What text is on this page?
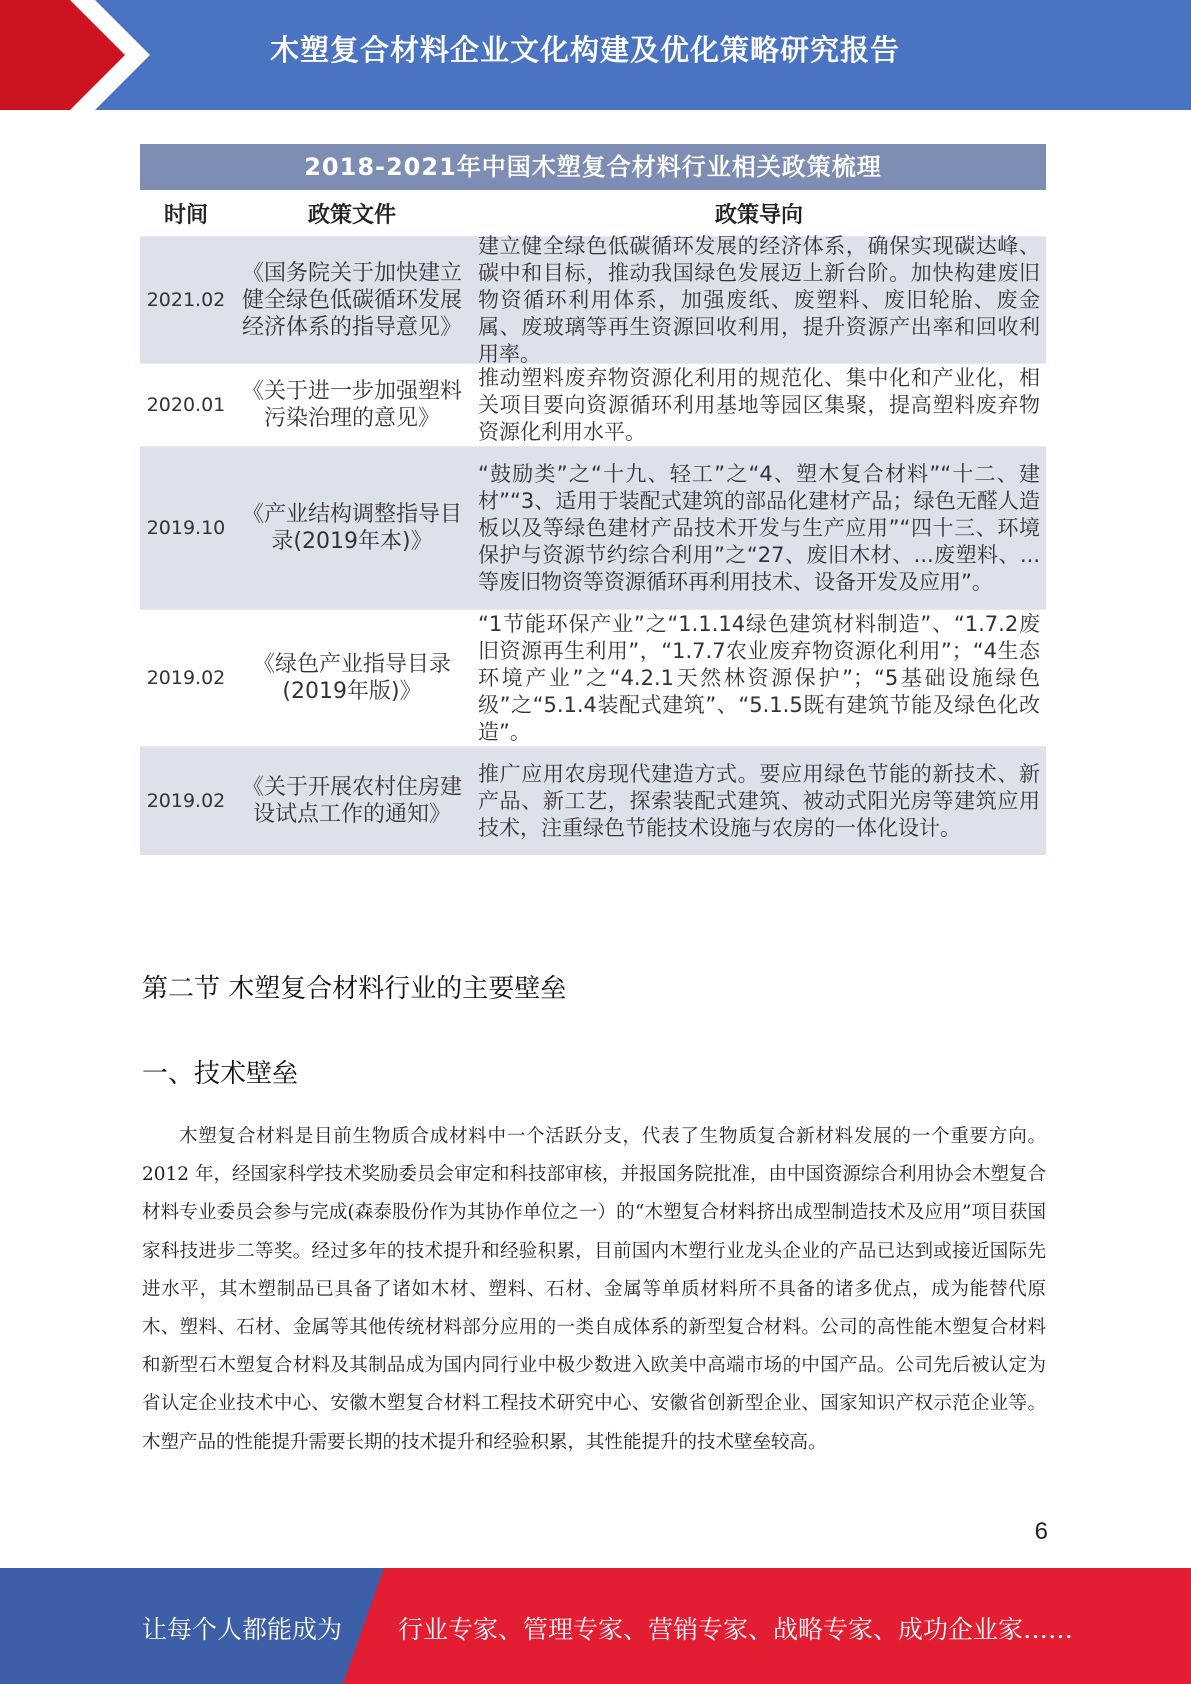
木塑复合材料企业文化构建及优化策略研究报告
2018-2021年中国木塑复合材料行业相关政策梳理
时间	政策文件	政策导向
2021.02
《国务院关于加快建立健全绿色低碳循环发展经济体系的指导意见》
建立健全绿色低碳循环发展的经济体系，确保实现碳达峰、碳中和目标，推动我国绿色发展迈上新台阶。加快构建废旧物资循环利用体系，加强废纸、废塑料、废旧轮胎、废金属、废玻璃等再生资源回收利用，提升资源产出率和回收利用率。
2020.01
《关于进一步加强塑料污染治理的意见》
推动塑料废弃物资源化利用的规范化、集中化和产业化，相关项目要向资源循环利用基地等园区集聚，提高塑料废弃物资源化利用水平。
2019.10
《产业结构调整指导目录(2019年本)》
“鼓励类”之“十九、轻工”之“4、塑木复合材料”“十二、建材”“3、适用于装配式建筑的部品化建材产品；绿色无醛人造板以及等绿色建材产品技术开发与生产应用”“四十三、环境保护与资源节约综合利用”之“27、废旧木材、...废塑料、...等废旧物资等资源循环再利用技术、设备开发及应用”。
2019.02
《绿色产业指导目录(2019年版)》
“1节能环保产业”之“1.1.14绿色建筑材料制造”、“1.7.2废旧资源再生利用”，“1.7.7农业废弃物资源化利用”；“4生态环境产业”之“4.2.1天然林资源保护”；“5基础设施绿色级”之“5.1.4装配式建筑”、“5.1.5既有建筑节能及绿色化改造”。
2019.02
《关于开展农村住房建设试点工作的通知》
推广应用农房现代建造方式。要应用绿色节能的新技术、新产品、新工艺，探索装配式建筑、被动式阳光房等建筑应用技术，注重绿色节能技术设施与农房的一体化设计。
第二节 木塑复合材料行业的主要壁垒
一、技术壁垒

木塑复合材料是目前生物质合成材料中一个活跃分支，代表了生物质复合新材料发展的一个重要方向。2012 年，经国家科学技术奖励委员会审定和科技部审核，并报国务院批准，由中国资源综合利用协会木塑复合材料专业委员会参与完成(森泰股份作为其协作单位之一）的“木塑复合材料挤出成型制造技术及应用”项目获国家科技进步二等奖。经过多年的技术提升和经验积累，目前国内木塑行业龙头企业的产品已达到或接近国际先进水平，其木塑制品已具备了诸如木材、塑料、石材、金属等单质材料所不具备的诸多优点，成为能替代原木、塑料、石材、金属等其他传统材料部分应用的一类自成体系的新型复合材料。公司的高性能木塑复合材料和新型石木塑复合材料及其制品成为国内同行业中极少数进入欧美中高端市场的中国产品。公司先后被认定为省认定企业技术中心、安徽木塑复合材料工程技术研究中心、安徽省创新型企业、国家知识产权示范企业等。木塑产品的性能提升需要长期的技术提升和经验积累，其性能提升的技术壁垒较高。

6
让每个人都能成为 行业专家、管理专家、营销专家、战略专家、成功企业家……
